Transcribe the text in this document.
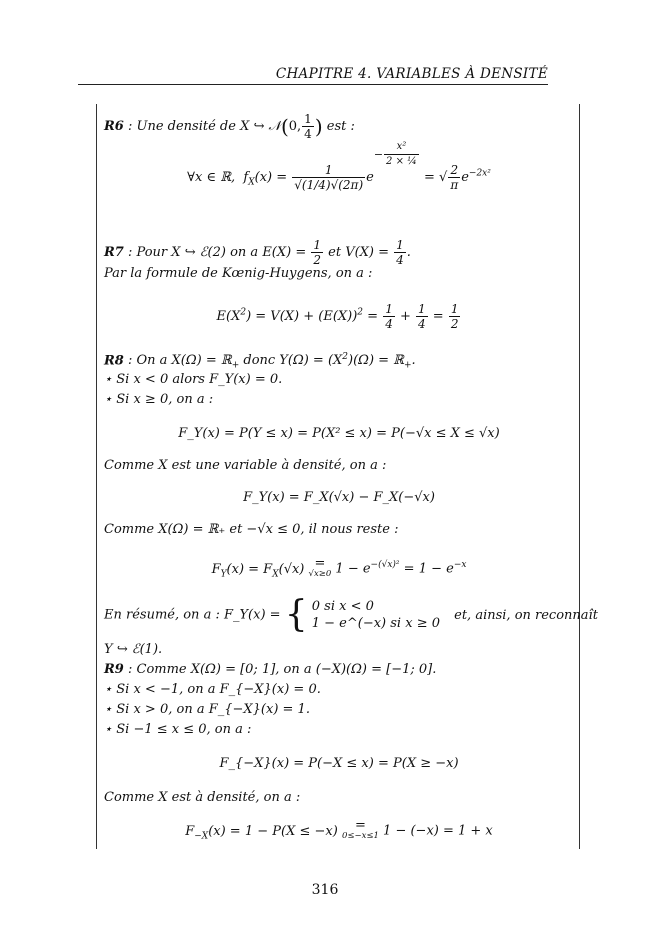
CHAPITRE 4. VARIABLES À DENSITÉ
R6 : Une densité de X ↪ 𝒩(0, $\frac{1}{4}$ ) est :
∀x ∈ ℝ,  $f_X(x) = \frac{1}{√(1/4)√(2\pi)} e^{- \frac{\text{x²}}{\text{2 × ¼}}}$
= √ $\frac{2}{\pi} e^{-2x^2}$
R7 : Pour X ↪ ℰ(2) on a $E(X) = \frac{1}{2}$ et $V(X) = \frac{1}{4}$ .
Par la formule de Kœnig-Huygens, on a :
$E(X^2) = V(X) + (E(X))^2 = \frac{1}{4} + \frac{1}{4} = \frac{1}{2}$
R8 : On a X(Ω) = ℝ$_+$ donc $Y(\Omega) = (X^2)(\Omega)$ = ℝ$_+$.
⋆ Si x < 0 alors F_Y(x) = 0.
⋆ Si x ≥ 0, on a :
F_Y(x) = P(Y ≤ x) = P(X² ≤ x) = P(−√x ≤ X ≤ √x)
Comme X est une variable à densité, on a :
F_Y(x) = F_X(√x) − F_X(−√x)
Comme X(Ω) = ℝ₊ et −√x ≤ 0, il nous reste :
$F_Y(x) = F_X(√x)$ =
√x≥0 $1 - e^{-(√x)^2} = 1 - e^{-x}$
En résumé, on a : F_Y(x) = { 0 si x < 0
1 − e^(−x) si x ≥ 0
et, ainsi, on reconnaît
Y ↪ ℰ(1).
R9 : Comme X(Ω) = [0; 1], on a (−X)(Ω) = [−1; 0].
⋆ Si x < −1, on a F_{−X}(x) = 0.
⋆ Si x > 0, on a F_{−X}(x) = 1.
⋆ Si −1 ≤ x ≤ 0, on a :
F_{−X}(x) = P(−X ≤ x) = P(X ≥ −x)
Comme X est à densité, on a :
$F_{-X}(x) = 1 - P(X \le -x)$ =
0≤−x≤1 1 − (−x) = 1 + x
316
